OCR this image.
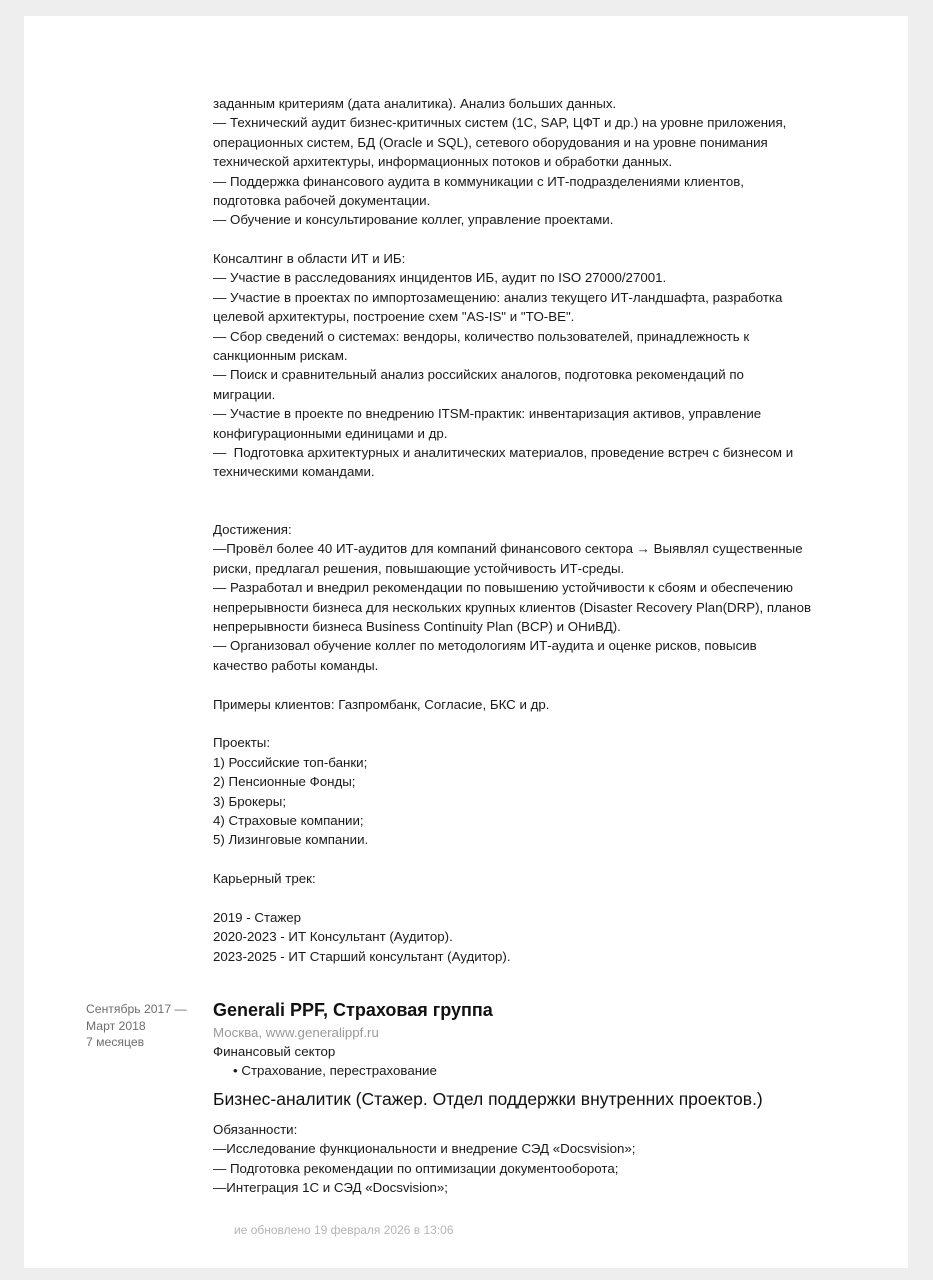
заданным критериям (дата аналитика). Анализ больших данных.
— Технический аудит бизнес-критичных систем (1С, SAP, ЦФТ и др.) на уровне приложения,
операционных систем, БД (Oracle и SQL), сетевого оборудования и на уровне понимания
технической архитектуры, информационных потоков и обработки данных.
— Поддержка финансового аудита в коммуникации с ИТ-подразделениями клиентов,
подготовка рабочей документации.
— Обучение и консультирование коллег, управление проектами.
Консалтинг в области ИТ и ИБ:
— Участие в расследованиях инцидентов ИБ, аудит по ISO 27000/27001.
— Участие в проектах по импортозамещению: анализ текущего ИТ-ландшафта, разработка
целевой архитектуры, построение схем "AS-IS" и "TO-BE".
— Сбор сведений о системах: вендоры, количество пользователей, принадлежность к
санкционным рискам.
— Поиск и сравнительный анализ российских аналогов, подготовка рекомендаций по
миграции.
— Участие в проекте по внедрению ITSM-практик: инвентаризация активов, управление
конфигурационными единицами и др.
—  Подготовка архитектурных и аналитических материалов, проведение встреч с бизнесом и
техническими командами.
Достижения:
—Провёл более 40 ИТ-аудитов для компаний финансового сектора → Выявлял существенные
риски, предлагал решения, повышающие устойчивость ИТ-среды.
— Разработал и внедрил рекомендации по повышению устойчивости к сбоям и обеспечению
непрерывности бизнеса для нескольких крупных клиентов (Disaster Recovery Plan(DRP), планов
непрерывности бизнеса Business Continuity Plan (BCP) и ОНиВД).
— Организовал обучение коллег по методологиям ИТ-аудита и оценке рисков, повысив
качество работы команды.
Примеры клиентов: Газпромбанк, Согласие, БКС и др.
Проекты:
1) Российские топ-банки;
2) Пенсионные Фонды;
3) Брокеры;
4) Страховые компании;
5) Лизинговые компании.
Карьерный трек:
2019 - Стажер
2020-2023 - ИТ Консультант (Аудитор).
2023-2025 - ИТ Старший консультант (Аудитор).
Сентябрь 2017 —
Март 2018
7 месяцев
Generali PPF, Страховая группа
Москва, www.generalippf.ru
Финансовый сектор
• Страхование, перестрахование
Бизнес-аналитик (Стажер. Отдел поддержки внутренних проектов.)
Обязанности:
—Исследование функциональности и внедрение СЭД «Docsvision»;
— Подготовка рекомендации по оптимизации документооборота;
—Интеграция 1С и СЭД «Docsvision»;
ие обновлено 19 февраля 2026 в 13:06
